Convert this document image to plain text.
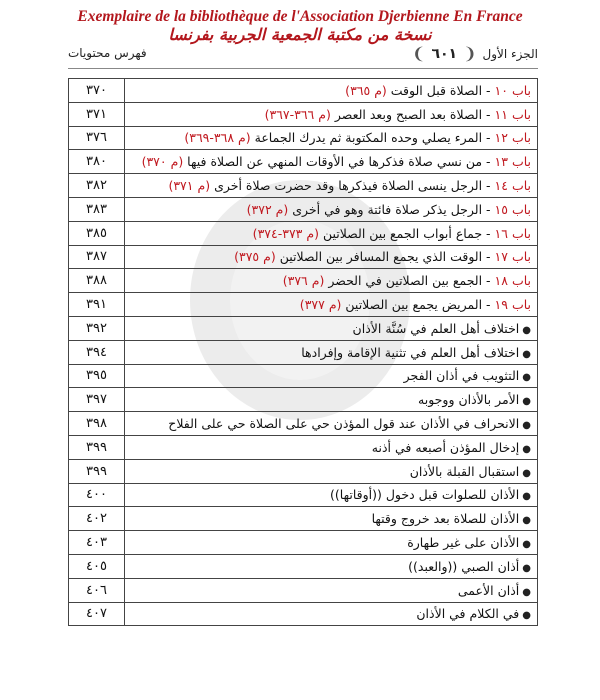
Exemplaire de la bibliothèque de l'Association Djerbienne En France
نسخة من مكتبة الجمعية الجربية بفرنسا
الجزء الأول
❨
٦٠١
❩
فهرس محتويات
باب ١٠ - الصلاة قبل الوقت (م ٣٦٥)	٣٧٠
باب ١١ - الصلاة بعد الصبح وبعد العصر (م ٣٦٦-٣٦٧)	٣٧١
باب ١٢ - المرء يصلي وحده المكتوبة ثم يدرك الجماعة (م ٣٦٨-٣٦٩)	٣٧٦
باب ١٣ - من نسي صلاة فذكرها في الأوقات المنهي عن الصلاة فيها (م ٣٧٠)	٣٨٠
باب ١٤ - الرجل ينسى الصلاة فيذكرها وقد حضرت صلاة أخرى (م ٣٧١)	٣٨٢
باب ١٥ - الرجل يذكر صلاة فائتة وهو في أخرى (م ٣٧٢)	٣٨٣
باب ١٦ - جماع أبواب الجمع بين الصلاتين (م ٣٧٣-٣٧٤)	٣٨٥
باب ١٧ - الوقت الذي يجمع المسافر بين الصلاتين (م ٣٧٥)	٣٨٧
باب ١٨ - الجمع بين الصلاتين في الحضر (م ٣٧٦)	٣٨٨
باب ١٩ - المريض يجمع بين الصلاتين (م ٣٧٧)	٣٩١
●اختلاف أهل العلم في سُنَّة الأذان	٣٩٢
●اختلاف أهل العلم في تثنية الإقامة وإفرادها	٣٩٤
●التثويب في أذان الفجر	٣٩٥
●الأمر بالأذان ووجوبه	٣٩٧
●الانحراف في الأذان عند قول المؤذن حي على الصلاة حي على الفلاح	٣٩٨
●إدخال المؤذن أصبعه في أذنه	٣٩٩
●استقبال القبلة بالأذان	٣٩٩
●الأذان للصلوات قبل دخول ((أوقاتها))	٤٠٠
●الأذان للصلاة بعد خروج وقتها	٤٠٢
●الأذان على غير طهارة	٤٠٣
●أذان الصبي ((والعبد))	٤٠٥
●أذان الأعمى	٤٠٦
●في الكلام في الأذان	٤٠٧
